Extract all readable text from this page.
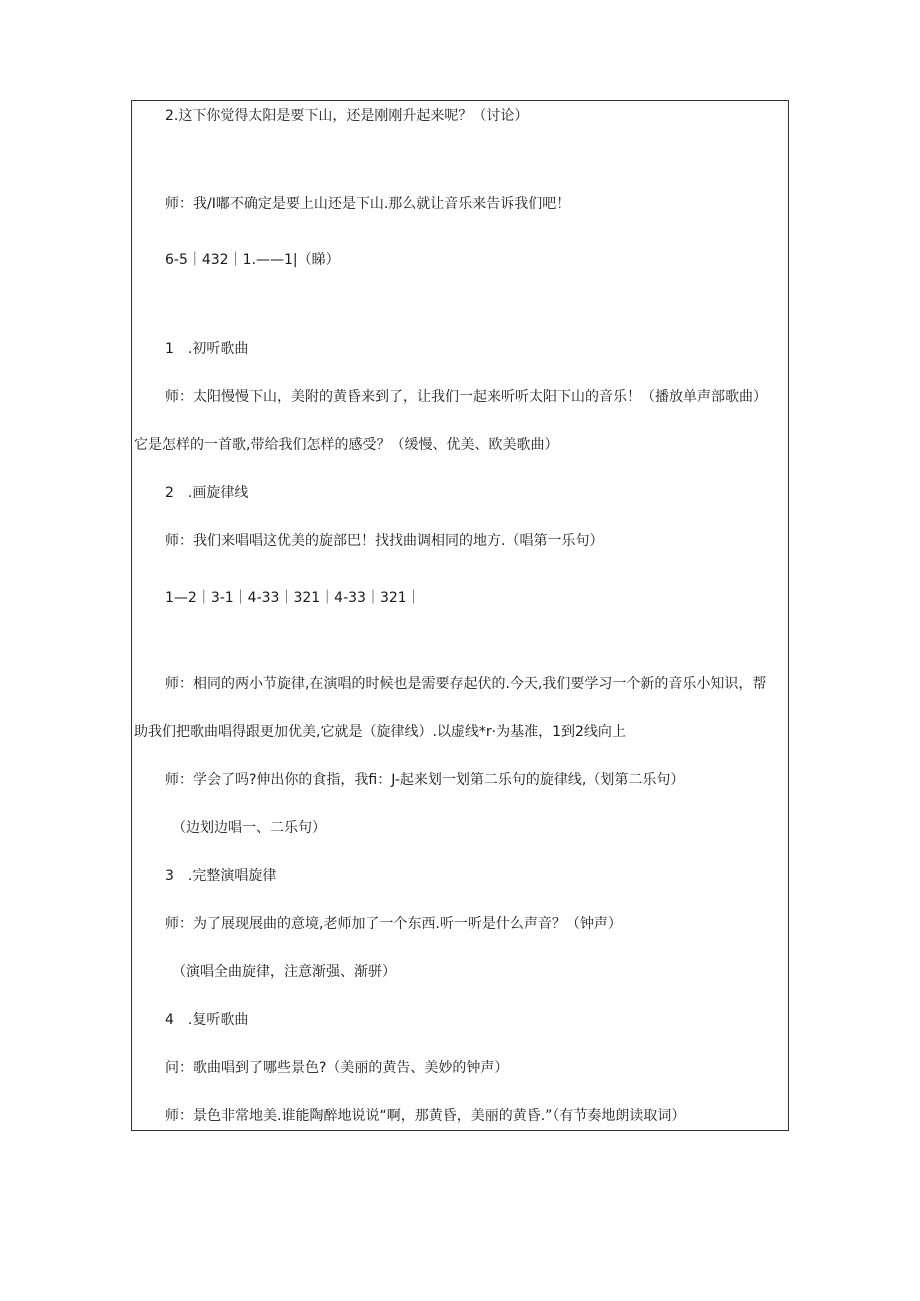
2.这下你觉得太阳是要下山，还是刚刚升起来呢？（讨论）
师：我/I嘟不确定是要上山还是下山.那么就让音乐来告诉我们吧！
6-5｜432｜1.——1|（睇）
1　.初听歌曲
师：太阳慢慢下山，美附的黄昏来到了，让我们一起来听听太阳下山的音乐！（播放单声部歌曲）
它是怎样的一首歌,带给我们怎样的感受？（缓慢、优美、欧美歌曲）
2　.画旋律线
师：我们来唱唱这优美的旋部巴！找找曲调相同的地方.（唱第一乐句）
1—2｜3-1｜4-33｜321｜4-33｜321｜
师：相同的两小节旋律,在演唱的时候也是需要存起伏的.今天,我们要学习一个新的音乐小知识，帮
助我们把歌曲唱得跟更加优美,它就是（旋律线）.以虚线*r·为基准，1到2线向上
师：学会了吗?伸出你的食指，我fi：J-起来划一划第二乐句的旋律线,（划第二乐句）
（边划边唱一、二乐句）
3　.完整演唱旋律
师：为了展现展曲的意境,老师加了一个东西.听一听是什么声音？（钟声）
（演唱全曲旋律，注意渐强、渐骈）
4　.复听歌曲
问：歌曲唱到了哪些景色?（美丽的黄告、美妙的钟声）
师：景色非常地美.谁能陶醉地说说“啊，那黄昏，美丽的黄昏.”（有节奏地朗读取词）
